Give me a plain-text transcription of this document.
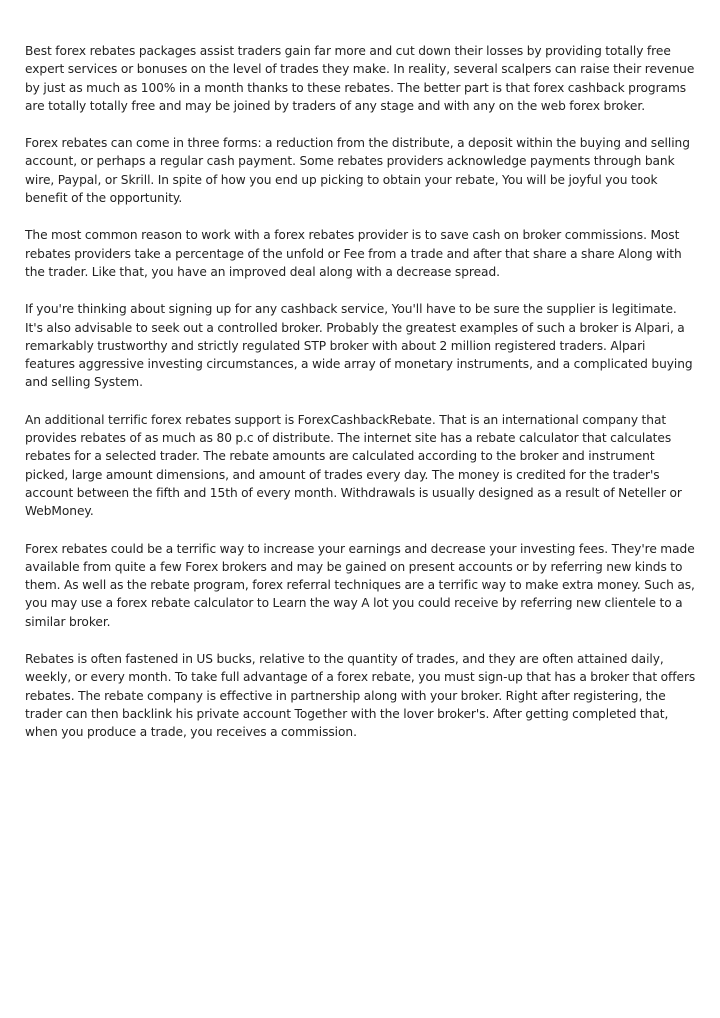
Best forex rebates packages assist traders gain far more and cut down their losses by providing totally free expert services or bonuses on the level of trades they make. In reality, several scalpers can raise their revenue by just as much as 100% in a month thanks to these rebates. The better part is that forex cashback programs are totally totally free and may be joined by traders of any stage and with any on the web forex broker.

Forex rebates can come in three forms: a reduction from the distribute, a deposit within the buying and selling account, or perhaps a regular cash payment. Some rebates providers acknowledge payments through bank wire, Paypal, or Skrill. In spite of how you end up picking to obtain your rebate, You will be joyful you took benefit of the opportunity.

The most common reason to work with a forex rebates provider is to save cash on broker commissions. Most rebates providers take a percentage of the unfold or Fee from a trade and after that share a share Along with the trader. Like that, you have an improved deal along with a decrease spread.

If you're thinking about signing up for any cashback service, You'll have to be sure the supplier is legitimate. It's also advisable to seek out a controlled broker. Probably the greatest examples of such a broker is Alpari, a remarkably trustworthy and strictly regulated STP broker with about 2 million registered traders. Alpari features aggressive investing circumstances, a wide array of monetary instruments, and a complicated buying and selling System.

An additional terrific forex rebates support is ForexCashbackRebate. That is an international company that provides rebates of as much as 80 p.c of distribute. The internet site has a rebate calculator that calculates rebates for a selected trader. The rebate amounts are calculated according to the broker and instrument picked, large amount dimensions, and amount of trades every day. The money is credited for the trader's account between the fifth and 15th of every month. Withdrawals is usually designed as a result of Neteller or WebMoney.

Forex rebates could be a terrific way to increase your earnings and decrease your investing fees. They're made available from quite a few Forex brokers and may be gained on present accounts or by referring new kinds to them. As well as the rebate program, forex referral techniques are a terrific way to make extra money. Such as, you may use a forex rebate calculator to Learn the way A lot you could receive by referring new clientele to a similar broker.

Rebates is often fastened in US bucks, relative to the quantity of trades, and they are often attained daily, weekly, or every month. To take full advantage of a forex rebate, you must sign-up that has a broker that offers rebates. The rebate company is effective in partnership along with your broker. Right after registering, the trader can then backlink his private account Together with the lover broker's. After getting completed that, when you produce a trade, you receives a commission.
